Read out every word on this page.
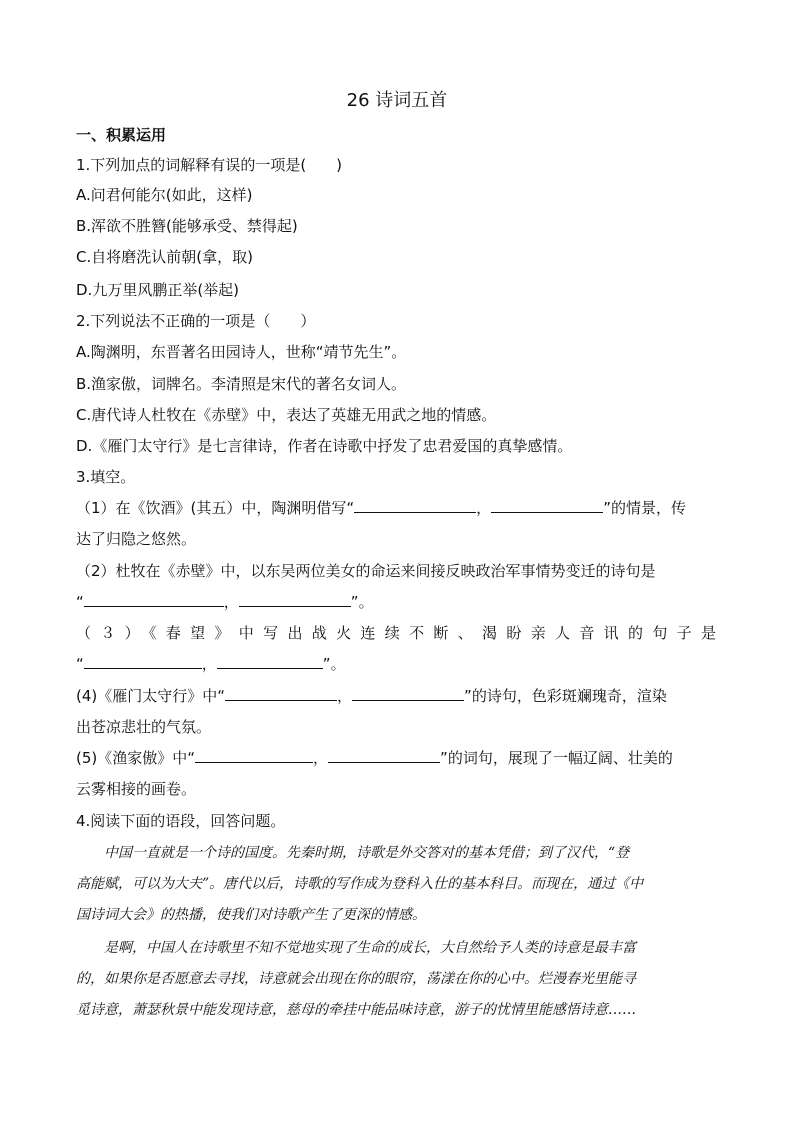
26 诗词五首
一、积累运用
1.下列加点的词解释有误的一项是(　　)
A.问君何能尔(如此，这样)
B.浑欲不胜簪(能够承受、禁得起)
C.自将磨洗认前朝(拿，取)
D.九万里风鹏正举(举起)
2.下列说法不正确的一项是（　　）
A.陶渊明，东晋著名田园诗人，世称“靖节先生”。
B.渔家傲，词牌名。李清照是宋代的著名女词人。
C.唐代诗人杜牧在《赤壁》中，表达了英雄无用武之地的情感。
D.《雁门太守行》是七言律诗，作者在诗歌中抒发了忠君爱国的真挚感情。
3.填空。
（1）在《饮酒》(其五）中，陶渊明借写“	，	”的情景，传
达了归隐之悠然。
（2）杜牧在《赤壁》中，以东吴两位美女的命运来间接反映政治军事情势变迁的诗句是
“	，	”。
（３）《春望》中写出战火连续不断、渴盼亲人音讯的句子是
“	，	”。
(4)《雁门太守行》中“	，	”的诗句，色彩斑斓瑰奇，渲染
出苍凉悲壮的气氛。
(5)《渔家傲》中“	，	”的词句，展现了一幅辽阔、壮美的
云雾相接的画卷。
4.阅读下面的语段，回答问题。
　　中国一直就是一个诗的国度。先秦时期，诗歌是外交答对的基本凭借；到了汉代，“登
高能赋，可以为大夫”。唐代以后，诗歌的写作成为登科入仕的基本科目。而现在，通过《中
国诗词大会》的热播，使我们对诗歌产生了更深的情感。
　　是啊，中国人在诗歌里不知不觉地实现了生命的成长，大自然给予人类的诗意是最丰富
的，如果你是否愿意去寻找，诗意就会出现在你的眼帘，荡漾在你的心中。烂漫春光里能寻
觅诗意，萧瑟秋景中能发现诗意，慈母的牵挂中能品味诗意，游子的忧情里能感悟诗意……
